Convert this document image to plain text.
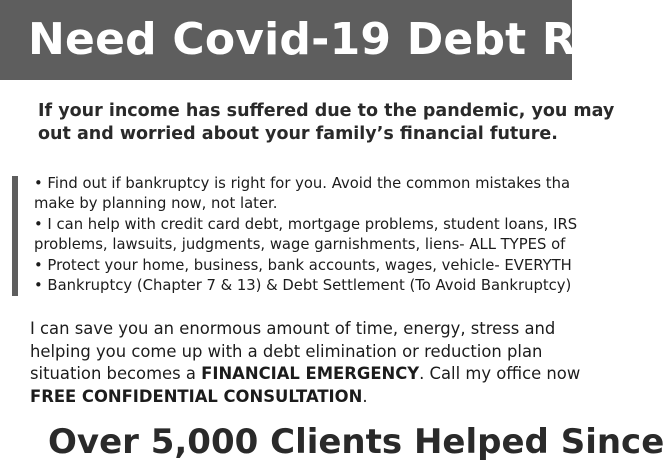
Need Covid-19 Debt Re
If your income has suffered due to the pandemic, you may
out and worried about your family’s financial future.
• Find out if bankruptcy is right for you. Avoid the common mistakes tha
make by planning now, not later.
• I can help with credit card debt, mortgage problems, student loans, IRS
problems, lawsuits, judgments, wage garnishments, liens- ALL TYPES of
• Protect your home, business, bank accounts, wages, vehicle- EVERYTH
• Bankruptcy (Chapter 7 & 13) & Debt Settlement (To Avoid Bankruptcy)
I can save you an enormous amount of time, energy, stress and
helping you come up with a debt elimination or reduction plan
situation becomes a FINANCIAL EMERGENCY. Call my office now
FREE CONFIDENTIAL CONSULTATION.
Over 5,000 Clients Helped Since
